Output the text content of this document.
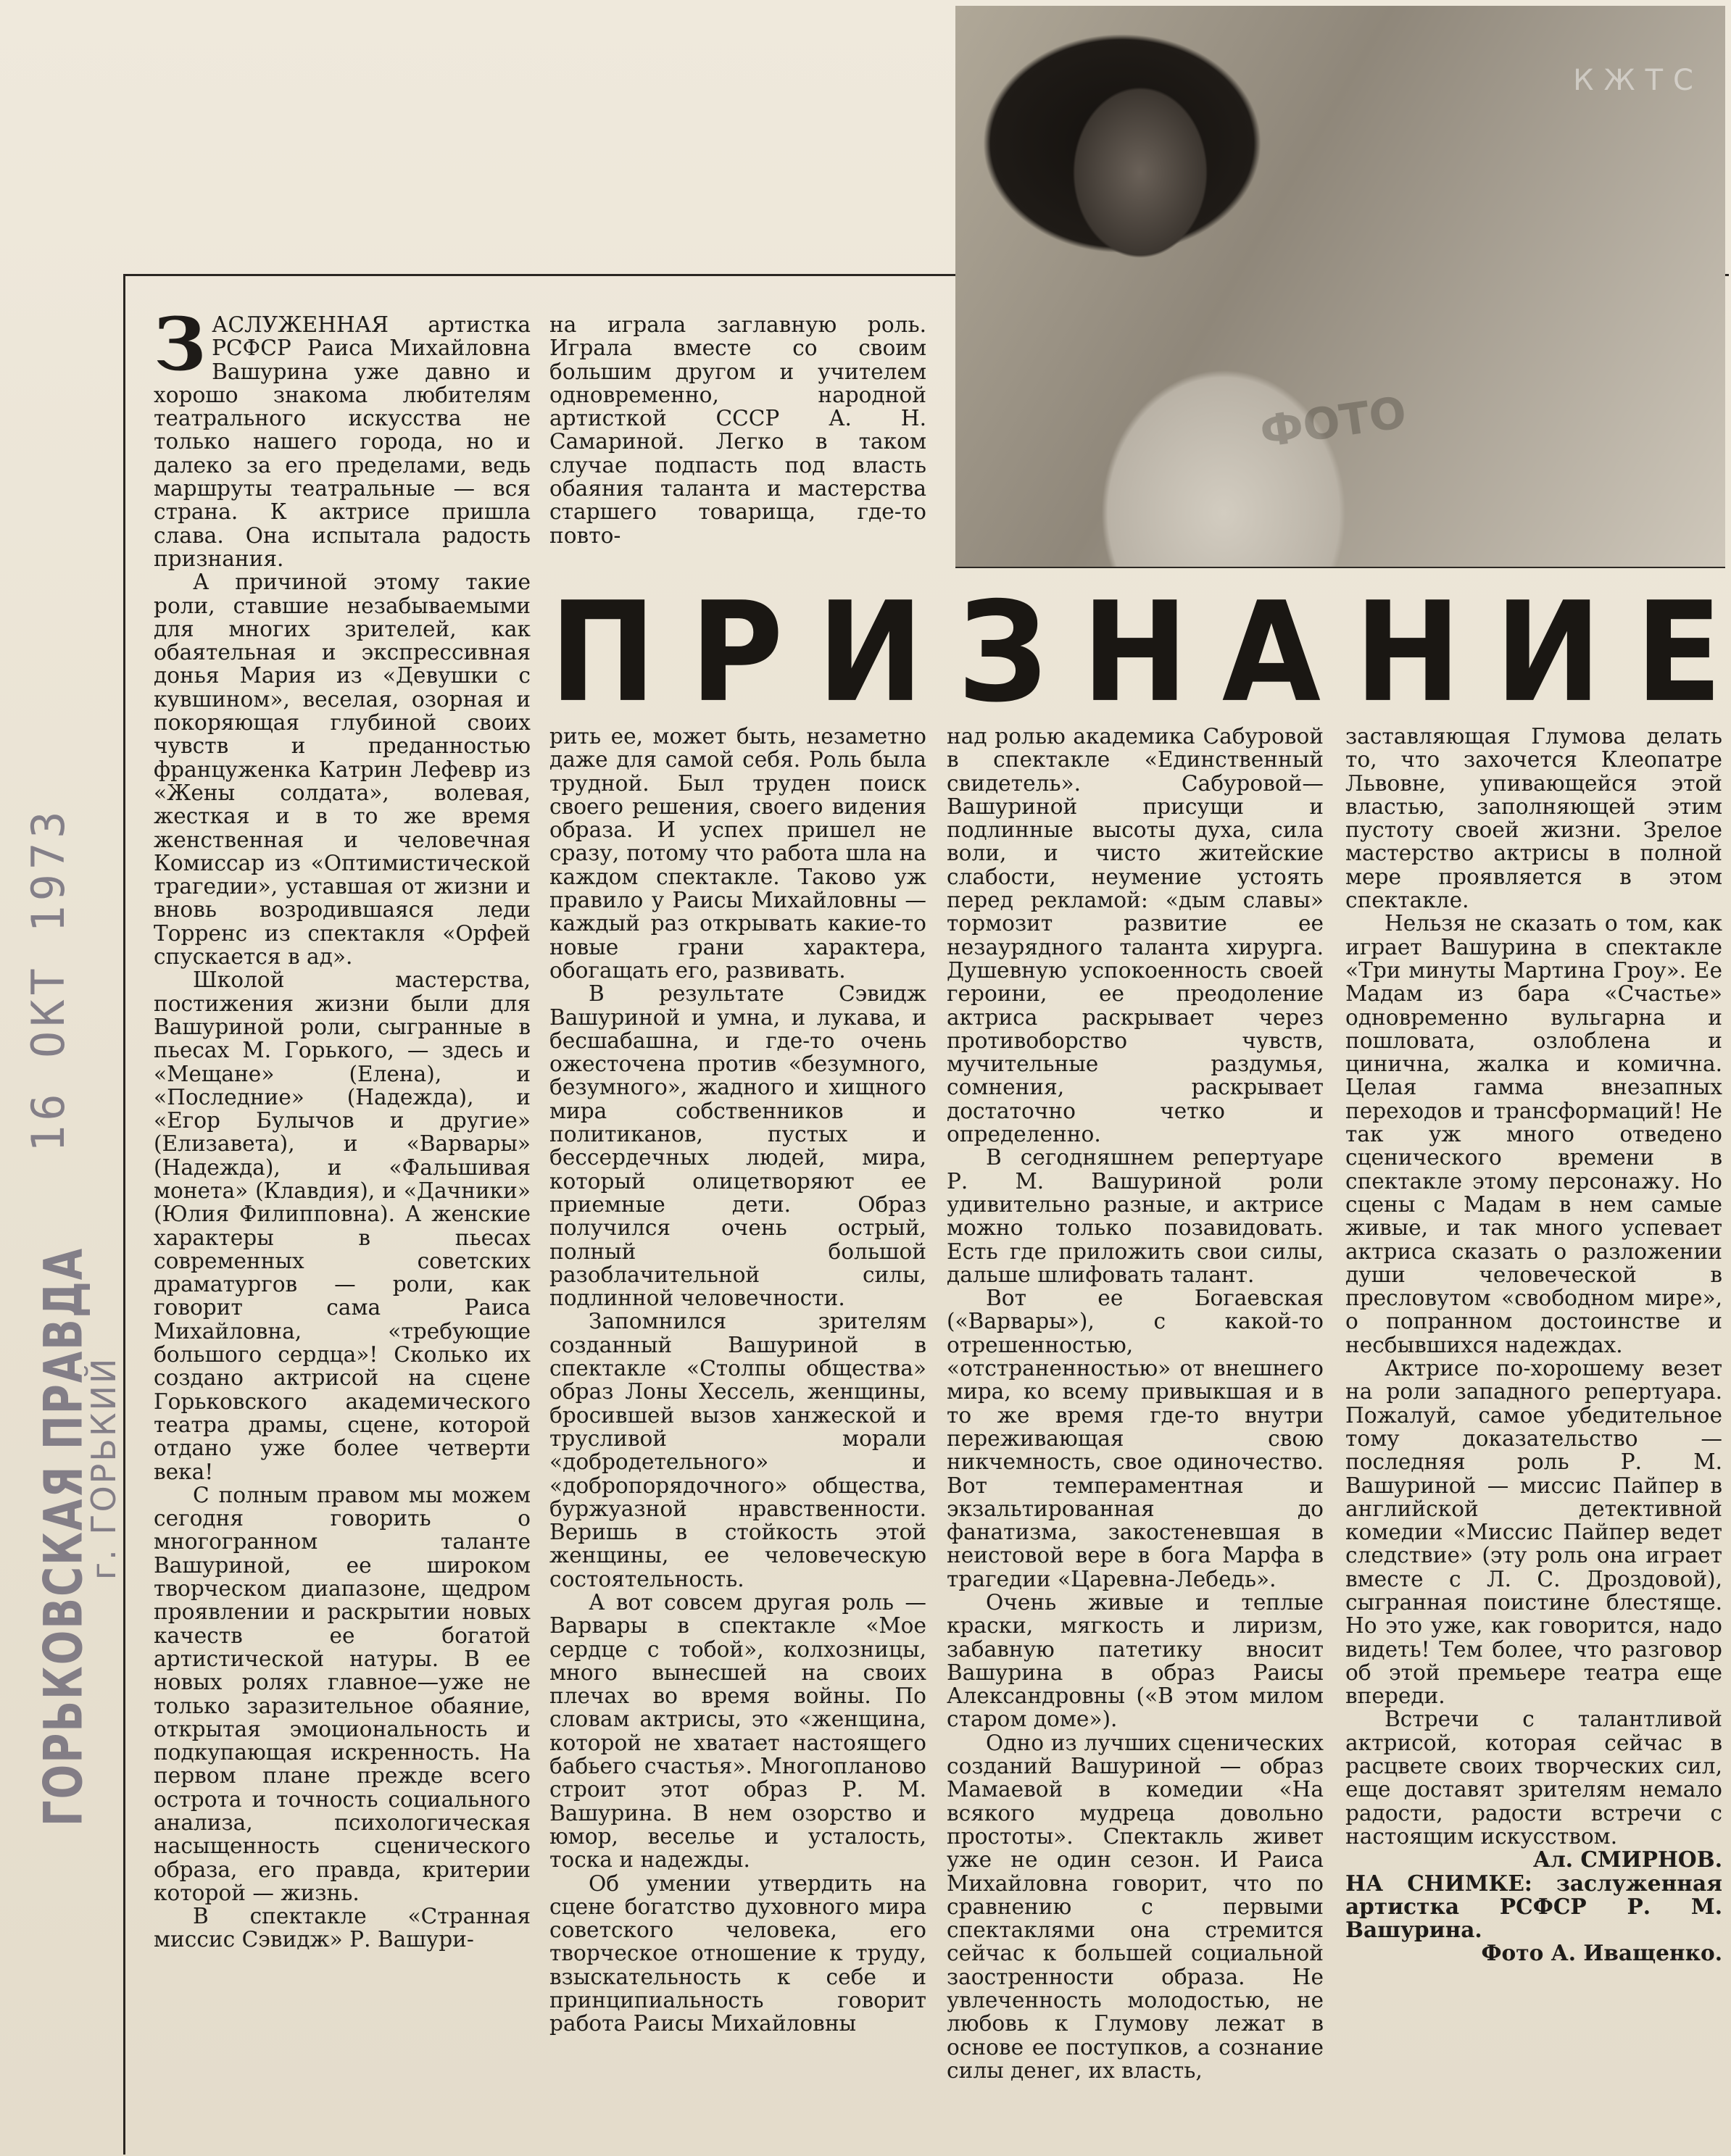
КЖТС
ФОТО
П Р И З Н А Н И Е

ЗАСЛУЖЕННАЯ артистка РСФСР Раиса Михайловна Вашурина уже давно и хорошо знакома любителям театрального искусства не только нашего города, но и далеко за его пределами, ведь маршруты театральные — вся страна. К актрисе пришла слава. Она испытала радость признания.

А причиной этому такие роли, ставшие незабываемыми для многих зрителей, как обаятельная и экспрессивная донья Мария из «Девушки с кувшином», веселая, озорная и покоряющая глубиной своих чувств и преданностью француженка Катрин Лефевр из «Жены солдата», волевая, жесткая и в то же время женственная и человечная Комиссар из «Оптимистической трагедии», уставшая от жизни и вновь возродившаяся леди Торренс из спектакля «Орфей спускается в ад».

Школой мастерства, постижения жизни были для Вашуриной роли, сыгранные в пьесах М. Горького, — здесь и «Мещане» (Елена), и «Последние» (Надежда), и «Егор Булычов и другие» (Елизавета), и «Варвары» (Надежда), и «Фальшивая монета» (Клавдия), и «Дачники» (Юлия Филипповна). А женские характеры в пьесах современных советских драматургов — роли, как говорит сама Раиса Михайловна, «требующие большого сердца»! Сколько их создано актрисой на сцене Горьковского академического театра драмы, сцене, которой отдано уже более четверти века!

С полным правом мы можем сегодня говорить о многогранном таланте Вашуриной, ее широком творческом диапазоне, щедром проявлении и раскрытии новых качеств ее богатой артистической натуры. В ее новых ролях главное—уже не только заразительное обаяние, открытая эмоциональность и подкупающая искренность. На первом плане прежде всего острота и точность социального анализа, психологическая насыщенность сценического образа, его правда, критерии которой — жизнь.

В спектакле «Странная миссис Сэвидж» Р. Вашури-

на играла заглавную роль. Играла вместе со своим большим другом и учителем одновременно, народной артисткой СССР А. Н. Самариной. Легко в таком случае подпасть под власть обаяния таланта и мастерства старшего товарища, где-то повто-

рить ее, может быть, незаметно даже для самой себя. Роль была трудной. Был труден поиск своего решения, своего видения образа. И успех пришел не сразу, потому что работа шла на каждом спектакле. Таково уж правило у Раисы Михайловны — каждый раз открывать какие-то новые грани характера, обогащать его, развивать.

В результате Сэвидж Вашуриной и умна, и лукава, и бесшабашна, и где-то очень ожесточена против «безумного, безумного», жадного и хищного мира собственников и политиканов, пустых и бессердечных людей, мира, который олицетворяют ее приемные дети. Образ получился очень острый, полный большой разоблачительной силы, подлинной человечности.

Запомнился зрителям созданный Вашуриной в спектакле «Столпы общества» образ Лоны Хессель, женщины, бросившей вызов ханжеской и трусливой морали «добродетельного» и «добропорядочного» общества, буржуазной нравственности. Веришь в стойкость этой женщины, ее человеческую состоятельность.

А вот совсем другая роль — Варвары в спектакле «Мое сердце с тобой», колхозницы, много вынесшей на своих плечах во время войны. По словам актрисы, это «женщина, которой не хватает настоящего бабьего счастья». Многопланово строит этот образ Р. М. Вашурина. В нем озорство и юмор, веселье и усталость, тоска и надежды.

Об умении утвердить на сцене богатство духовного мира советского человека, его творческое отношение к труду, взыскательность к себе и принципиальность говорит работа Раисы Михайловны

над ролью академика Сабуровой в спектакле «Единственный свидетель». Сабуровой—Вашуриной присущи и подлинные высоты духа, сила воли, и чисто житейские слабости, неумение устоять перед рекламой: «дым славы» тормозит развитие ее незаурядного таланта хирурга. Душевную успокоенность своей героини, ее преодоление актриса раскрывает через противоборство чувств, мучительные раздумья, сомнения, раскрывает достаточно четко и определенно.

В сегодняшнем репертуаре Р. М. Вашуриной роли удивительно разные, и актрисе можно только позавидовать. Есть где приложить свои силы, дальше шлифовать талант.

Вот ее Богаевская («Варвары»), с какой-то отрешенностью, «отстраненностью» от внешнего мира, ко всему привыкшая и в то же время где-то внутри переживающая свою никчемность, свое одиночество. Вот темпераментная и экзальтированная до фанатизма, закостеневшая в неистовой вере в бога Марфа в трагедии «Царевна-Лебедь».

Очень живые и теплые краски, мягкость и лиризм, забавную патетику вносит Вашурина в образ Раисы Александровны («В этом милом старом доме»).

Одно из лучших сценических созданий Вашуриной — образ Мамаевой в комедии «На всякого мудреца довольно простоты». Спектакль живет уже не один сезон. И Раиса Михайловна говорит, что по сравнению с первыми спектаклями она стремится сейчас к большей социальной заостренности образа. Не увлеченность молодостью, не любовь к Глумову лежат в основе ее поступков, а сознание силы денег, их власть,

заставляющая Глумова делать то, что захочется Клеопатре Львовне, упивающейся этой властью, заполняющей этим пустоту своей жизни. Зрелое мастерство актрисы в полной мере проявляется в этом спектакле.

Нельзя не сказать о том, как играет Вашурина в спектакле «Три минуты Мартина Гроу». Ее Мадам из бара «Счастье» одновременно вульгарна и пошловата, озлоблена и цинична, жалка и комична. Целая гамма внезапных переходов и трансформаций! Не так уж много отведено сценического времени в спектакле этому персонажу. Но сцены с Мадам в нем самые живые, и так много успевает актриса сказать о разложении души человеческой в пресловутом «свободном мире», о попранном достоинстве и несбывшихся надеждах.

Актрисе по-хорошему везет на роли западного репертуара. Пожалуй, самое убедительное тому доказательство — последняя роль Р. М. Вашуриной — миссис Пайпер в английской детективной комедии «Миссис Пайпер ведет следствие» (эту роль она играет вместе с Л. С. Дроздовой), сыгранная поистине блестяще. Но это уже, как говорится, надо видеть! Тем более, что разговор об этой премьере театра еще впереди.

Встречи с талантливой актрисой, которая сейчас в расцвете своих творческих сил, еще доставят зрителям немало радости, радости встречи с настоящим искусством.

Ал. СМИРНОВ.

НА СНИМКЕ: заслуженная артистка РСФСР Р. М. Вашурина.

Фото А. Иващенко.

16 ОКТ 1973
ГОРЬКОВСКАЯ ПРАВДА
г. ГОРЬКИЙ
